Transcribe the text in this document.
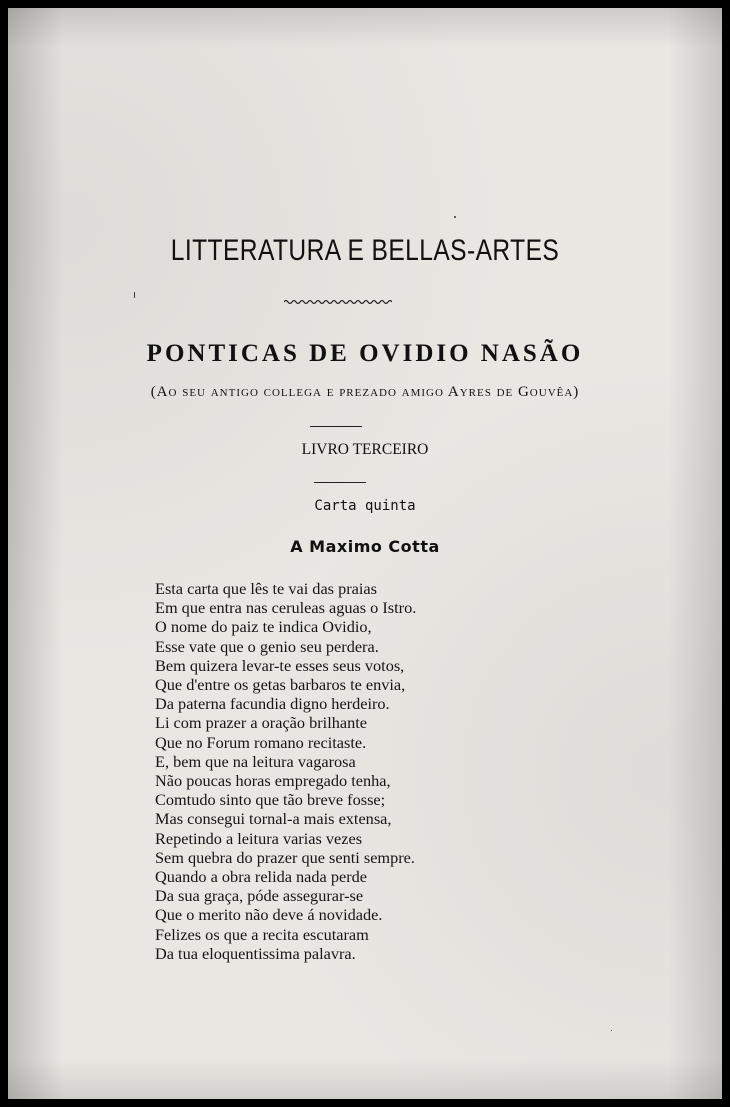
LITTERATURA E BELLAS-ARTES
PONTICAS DE OVIDIO NASÃO
(Ao seu antigo collega e prezado amigo Ayres de Gouvêa)
LIVRO TERCEIRO
Carta quinta
A Maximo Cotta
Esta carta que lês te vai das praias
Em que entra nas ceruleas aguas o Istro.
O nome do paiz te indica Ovidio,
Esse vate que o genio seu perdera.
Bem quizera levar-te esses seus votos,
Que d'entre os getas barbaros te envia,
Da paterna facundia digno herdeiro.
Li com prazer a oração brilhante
Que no Forum romano recitaste.
E, bem que na leitura vagarosa
Não poucas horas empregado tenha,
Comtudo sinto que tão breve fosse;
Mas consegui tornal-a mais extensa,
Repetindo a leitura varias vezes
Sem quebra do prazer que senti sempre.
Quando a obra relida nada perde
Da sua graça, póde assegurar-se
Que o merito não deve á novidade.
Felizes os que a recita escutaram
Da tua eloquentissima palavra.
